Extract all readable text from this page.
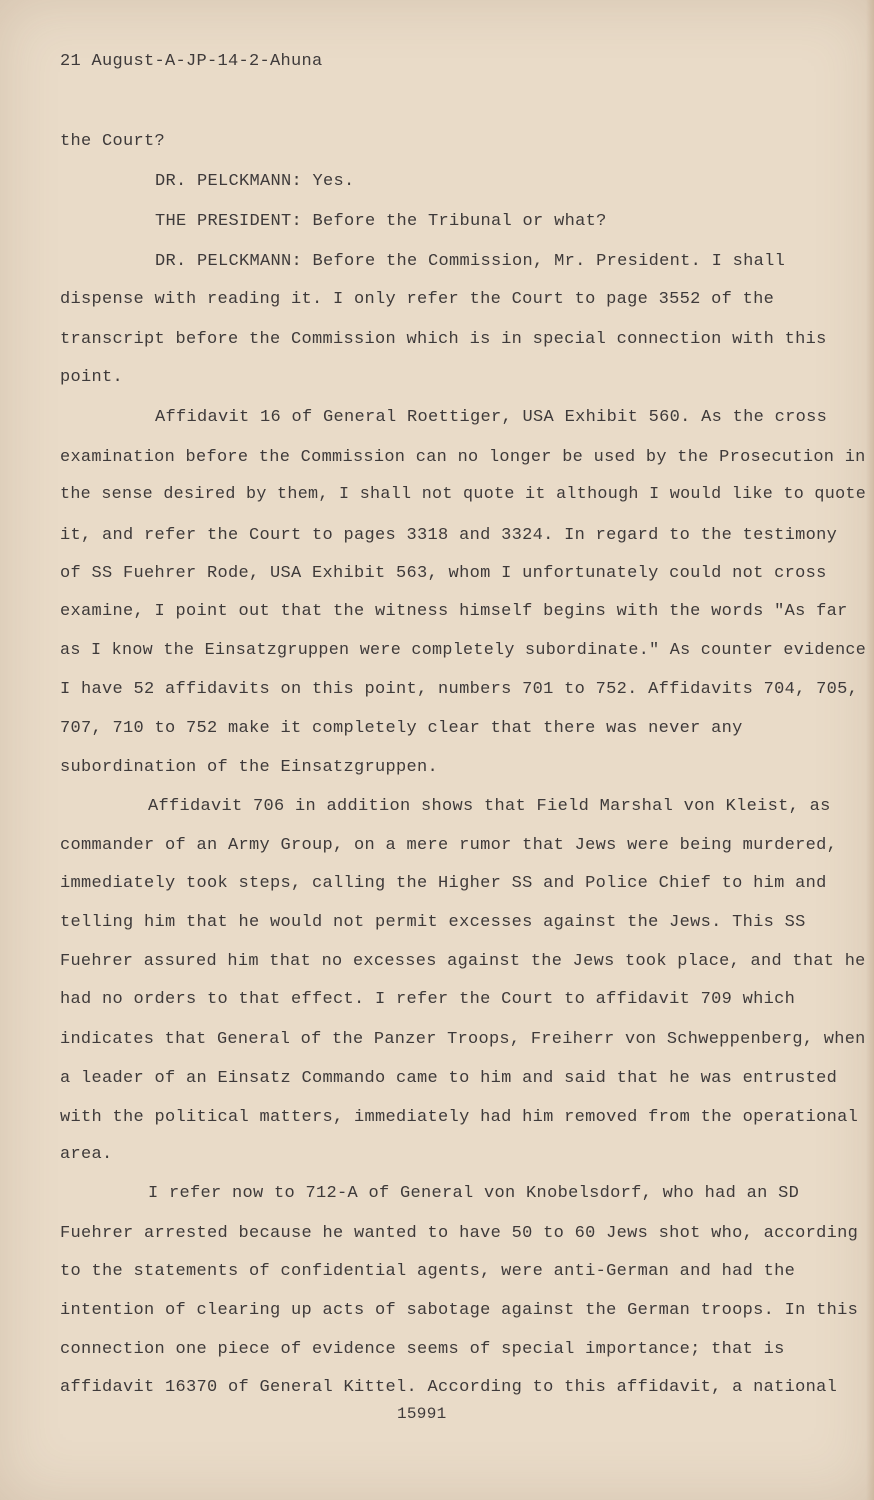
21 August-A-JP-14-2-Ahuna
the Court?
DR. PELCKMANN: Yes.
THE PRESIDENT: Before the Tribunal or what?
DR. PELCKMANN: Before the Commission, Mr. President. I shall
dispense with reading it. I only refer the Court to page 3552 of the
transcript before the Commission which is in special connection with this
point.
Affidavit 16 of General Roettiger, USA Exhibit 560. As the cross
examination before the Commission can no longer be used by the Prosecution in
the sense desired by them, I shall not quote it although I would like to quote
it, and refer the Court to pages 3318 and 3324. In regard to the testimony
of SS Fuehrer Rode, USA Exhibit 563, whom I unfortunately could not cross
examine, I point out that the witness himself begins with the words "As far
as I know the Einsatzgruppen were completely subordinate." As counter evidence
I have 52 affidavits on this point, numbers 701 to 752. Affidavits 704, 705,
707, 710 to 752 make it completely clear that there was never any
subordination of the Einsatzgruppen.
Affidavit 706 in addition shows that Field Marshal von Kleist, as
commander of an Army Group, on a mere rumor that Jews were being murdered,
immediately took steps, calling the Higher SS and Police Chief to him and
telling him that he would not permit excesses against the Jews. This SS
Fuehrer assured him that no excesses against the Jews took place, and that he
had no orders to that effect. I refer the Court to affidavit 709 which
indicates that General of the Panzer Troops, Freiherr von Schweppenberg, when
a leader of an Einsatz Commando came to him and said that he was entrusted
with the political matters, immediately had him removed from the operational
area.
I refer now to 712-A of General von Knobelsdorf, who had an SD
Fuehrer arrested because he wanted to have 50 to 60 Jews shot who, according
to the statements of confidential agents, were anti-German and had the
intention of clearing up acts of sabotage against the German troops. In this
connection one piece of evidence seems of special importance; that is
affidavit 16370 of General Kittel. According to this affidavit, a national
15991
